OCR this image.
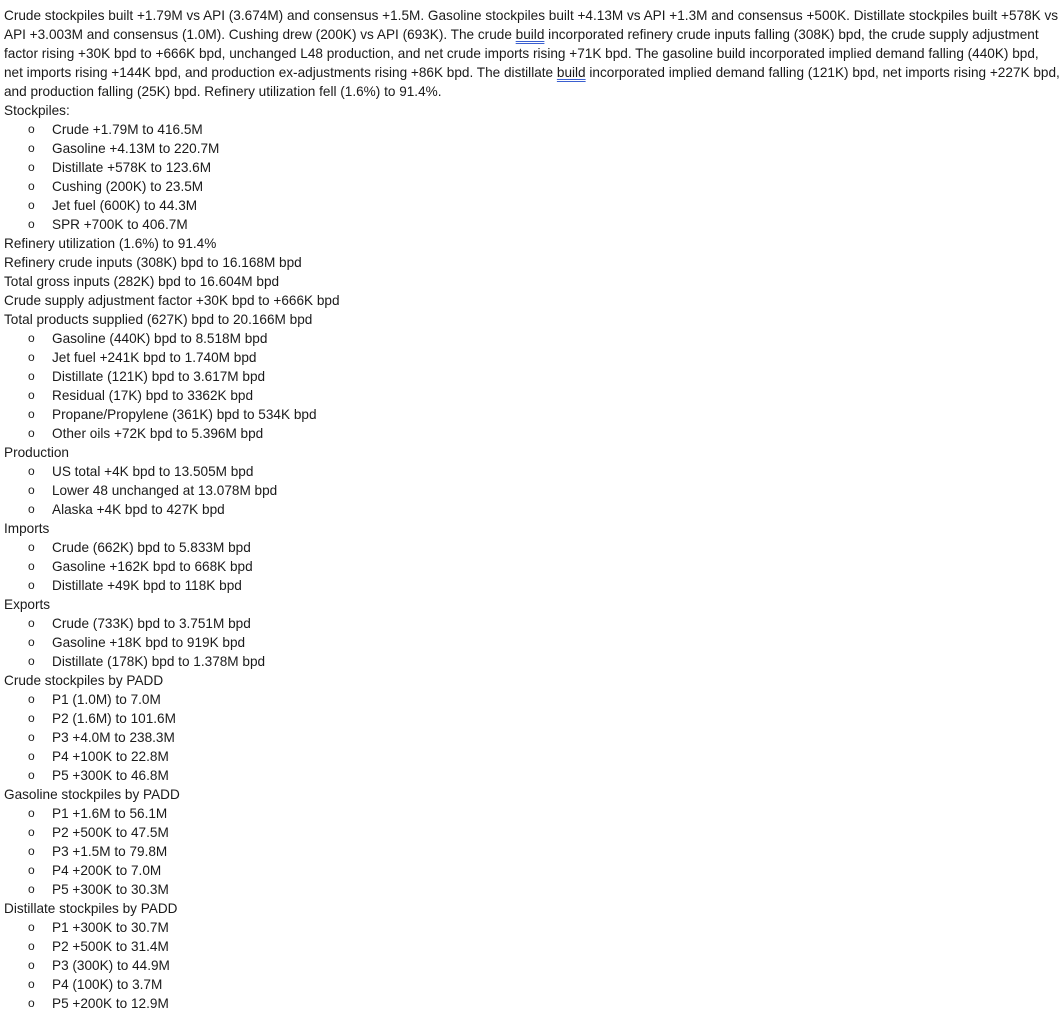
Crude stockpiles built +1.79M vs API (3.674M) and consensus +1.5M. Gasoline stockpiles built +4.13M vs API +1.3M and consensus +500K. Distillate stockpiles built +578K vs API +3.003M and consensus (1.0M). Cushing drew (200K) vs API (693K). The crude build incorporated refinery crude inputs falling (308K) bpd, the crude supply adjustment factor rising +30K bpd to +666K bpd, unchanged L48 production, and net crude imports rising +71K bpd. The gasoline build incorporated implied demand falling (440K) bpd, net imports rising +144K bpd, and production ex-adjustments rising +86K bpd. The distillate build incorporated implied demand falling (121K) bpd, net imports rising +227K bpd, and production falling (25K) bpd. Refinery utilization fell (1.6%) to 91.4%.

Stockpiles:
o Crude +1.79M to 416.5M
o Gasoline +4.13M to 220.7M
o Distillate +578K to 123.6M
o Cushing (200K) to 23.5M
o Jet fuel (600K) to 44.3M
o SPR +700K to 406.7M
Refinery utilization (1.6%) to 91.4%
Refinery crude inputs (308K) bpd to 16.168M bpd
Total gross inputs (282K) bpd to 16.604M bpd
Crude supply adjustment factor +30K bpd to +666K bpd
Total products supplied (627K) bpd to 20.166M bpd
o Gasoline (440K) bpd to 8.518M bpd
o Jet fuel +241K bpd to 1.740M bpd
o Distillate (121K) bpd to 3.617M bpd
o Residual (17K) bpd to 3362K bpd
o Propane/Propylene (361K) bpd to 534K bpd
o Other oils +72K bpd to 5.396M bpd
Production
o US total +4K bpd to 13.505M bpd
o Lower 48 unchanged at 13.078M bpd
o Alaska +4K bpd to 427K bpd
Imports
o Crude (662K) bpd to 5.833M bpd
o Gasoline +162K bpd to 668K bpd
o Distillate +49K bpd to 118K bpd
Exports
o Crude (733K) bpd to 3.751M bpd
o Gasoline +18K bpd to 919K bpd
o Distillate (178K) bpd to 1.378M bpd
Crude stockpiles by PADD
o P1 (1.0M) to 7.0M
o P2 (1.6M) to 101.6M
o P3 +4.0M to 238.3M
o P4 +100K to 22.8M
o P5 +300K to 46.8M
Gasoline stockpiles by PADD
o P1 +1.6M to 56.1M
o P2 +500K to 47.5M
o P3 +1.5M to 79.8M
o P4 +200K to 7.0M
o P5 +300K to 30.3M
Distillate stockpiles by PADD
o P1 +300K to 30.7M
o P2 +500K to 31.4M
o P3 (300K) to 44.9M
o P4 (100K) to 3.7M
o P5 +200K to 12.9M
